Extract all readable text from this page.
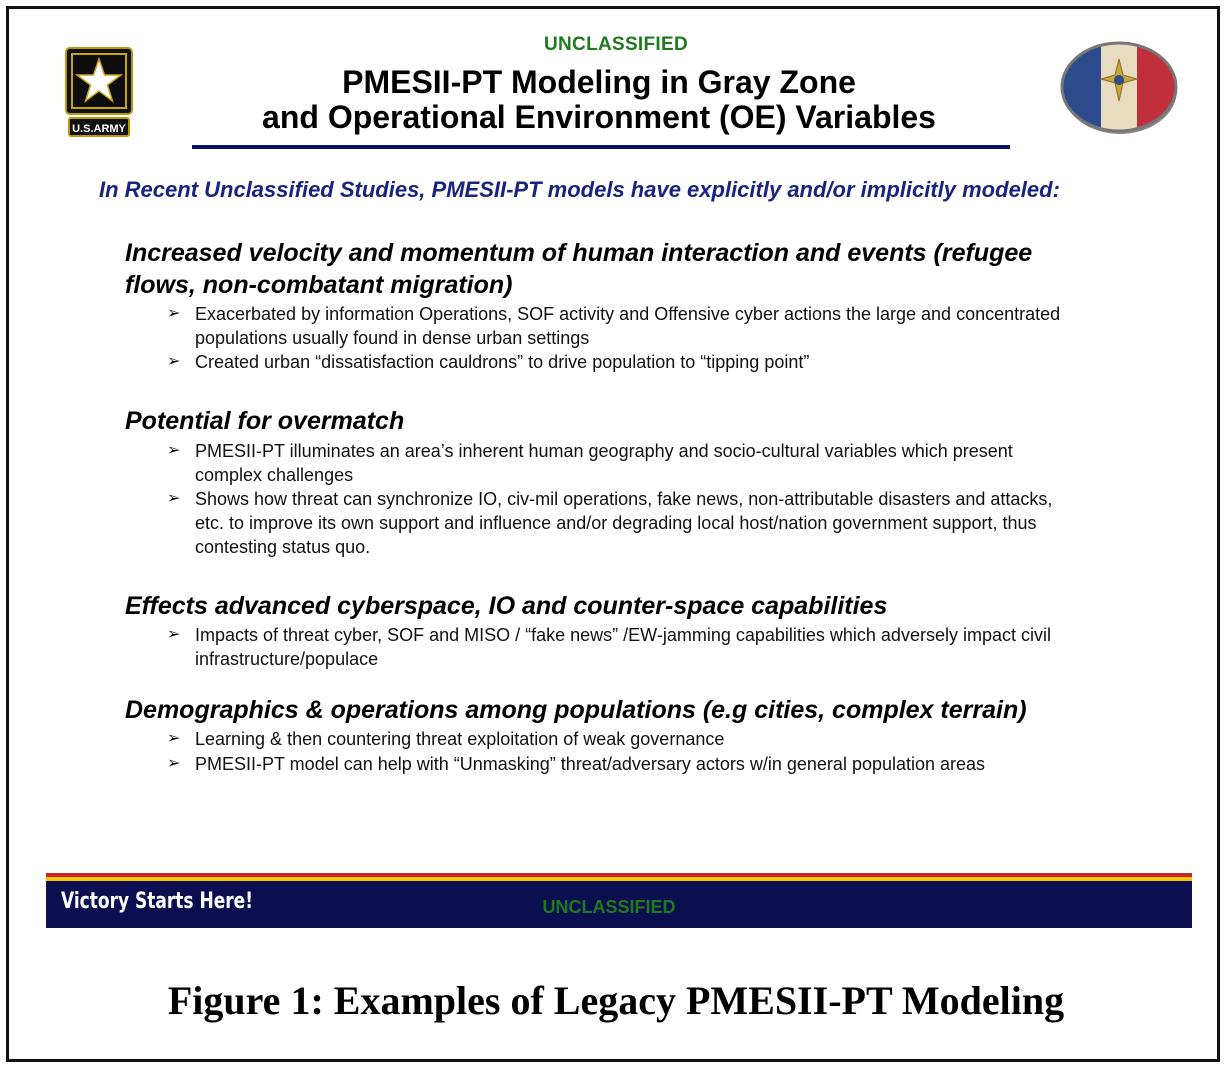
UNCLASSIFIED
U.S.ARMY
PMESII-PT Modeling in Gray Zone
and Operational Environment (OE) Variables
In Recent Unclassified Studies, PMESII-PT models have explicitly and/or implicitly modeled:
Increased velocity and momentum of human interaction and events (refugee flows, non-combatant migration)
➢ Exacerbated by information Operations, SOF activity and Offensive cyber actions the large and concentrated populations usually found in dense urban settings
➢ Created urban “dissatisfaction cauldrons” to drive population to “tipping point”
Potential for overmatch
➢ PMESII-PT illuminates an area’s inherent human geography and socio-cultural variables which present complex challenges
➢ Shows how threat can synchronize IO, civ-mil operations, fake news, non-attributable disasters and attacks, etc. to improve its own support and influence and/or degrading local host/nation government support, thus contesting status quo.
Effects advanced cyberspace, IO and counter-space capabilities
➢ Impacts of threat cyber, SOF and MISO / “fake news” /EW-jamming capabilities which adversely impact civil infrastructure/populace
Demographics & operations among populations (e.g cities, complex terrain)
➢ Learning & then countering threat exploitation of weak governance
➢ PMESII-PT model can help with “Unmasking” threat/adversary actors w/in general population areas
Victory Starts Here!	UNCLASSIFIED
Figure 1: Examples of Legacy PMESII-PT Modeling
